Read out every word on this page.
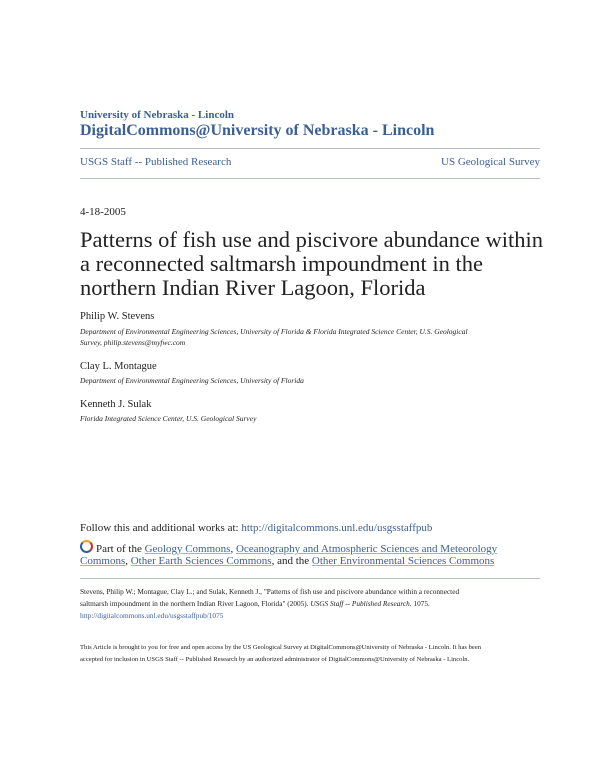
University of Nebraska - Lincoln
DigitalCommons@University of Nebraska - Lincoln
USGS Staff -- Published Research	US Geological Survey
4-18-2005
Patterns of fish use and piscivore abundance within
a reconnected saltmarsh impoundment in the
northern Indian River Lagoon, Florida
Philip W. Stevens
Department of Environmental Engineering Sciences, University of Florida & Florida Integrated Science Center, U.S. Geological
Survey, philip.stevens@myfwc.com
Clay L. Montague
Department of Environmental Engineering Sciences, University of Florida
Kenneth J. Sulak
Florida Integrated Science Center, U.S. Geological Survey
Follow this and additional works at: http://digitalcommons.unl.edu/usgsstaffpub
Part of the Geology Commons, Oceanography and Atmospheric Sciences and Meteorology
Commons, Other Earth Sciences Commons, and the Other Environmental Sciences Commons
Stevens, Philip W.; Montague, Clay L.; and Sulak, Kenneth J., "Patterns of fish use and piscivore abundance within a reconnected
saltmarsh impoundment in the northern Indian River Lagoon, Florida" (2005). USGS Staff -- Published Research. 1075.
http://digitalcommons.unl.edu/usgsstaffpub/1075
This Article is brought to you for free and open access by the US Geological Survey at DigitalCommons@University of Nebraska - Lincoln. It has been
accepted for inclusion in USGS Staff -- Published Research by an authorized administrator of DigitalCommons@University of Nebraska - Lincoln.
